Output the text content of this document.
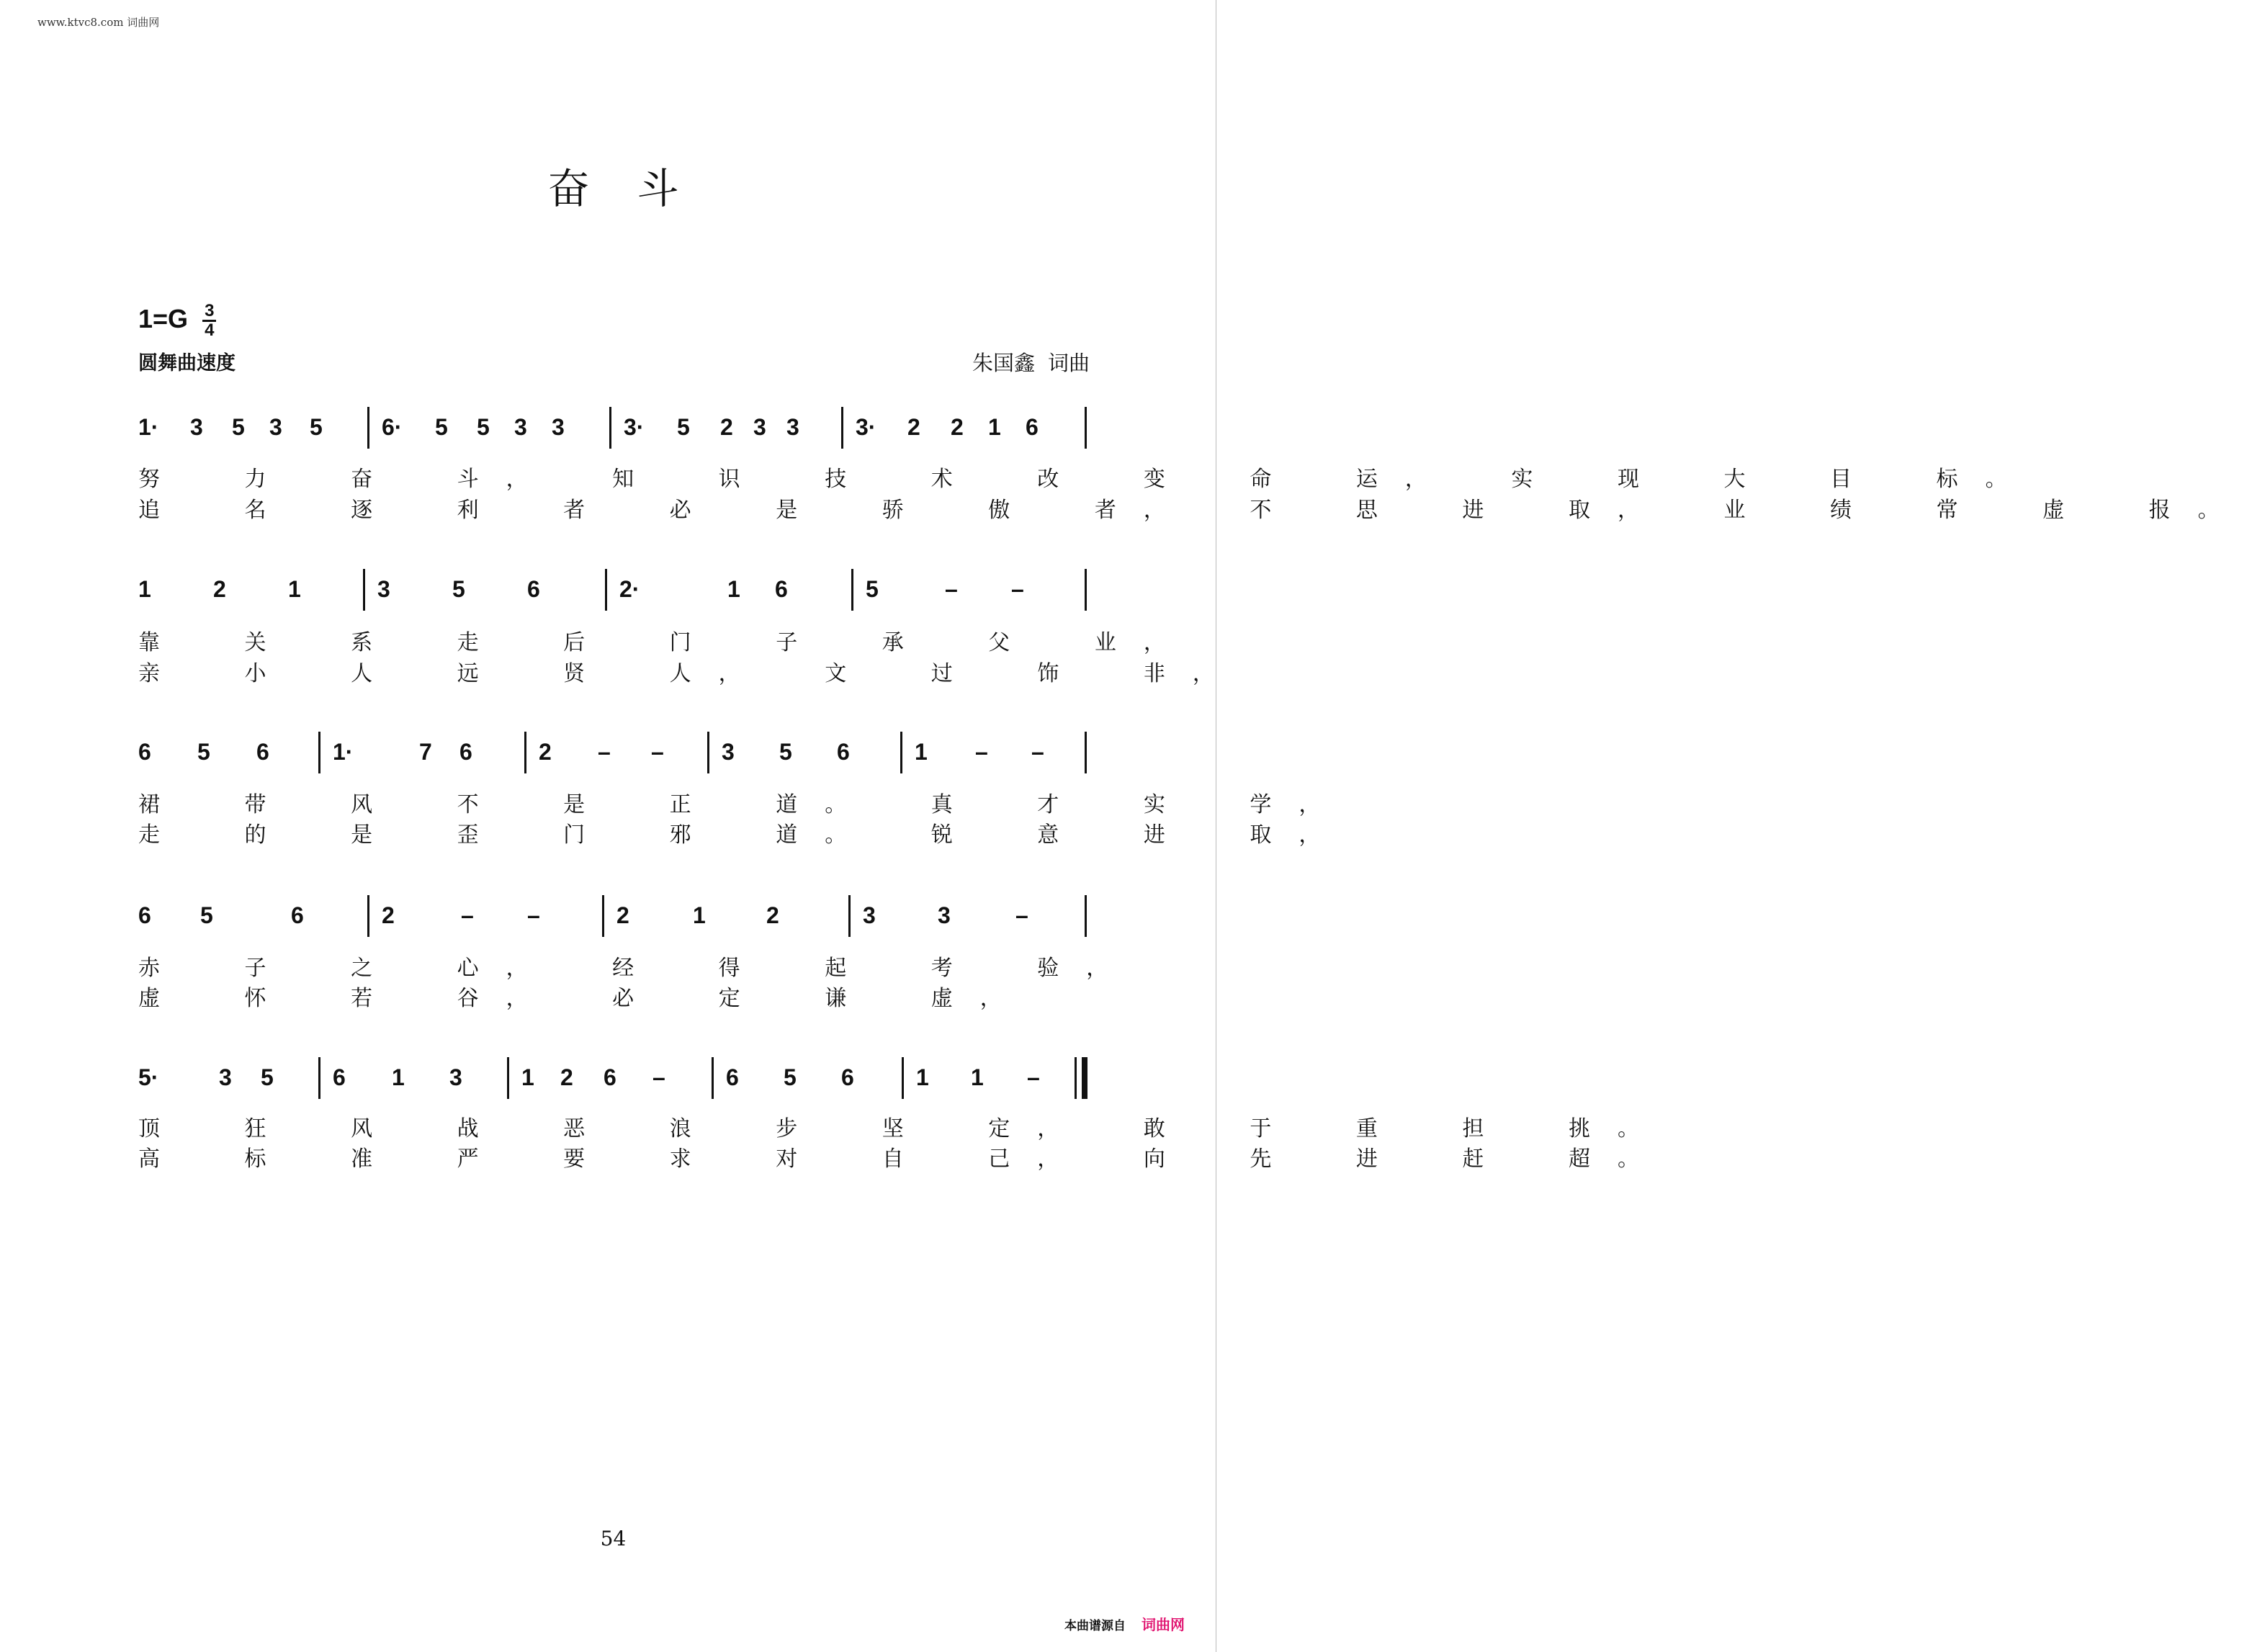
www.ktvc8.com 词曲网
奋斗
$1=G \frac{3}{4}$
圆舞曲速度	朱国鑫 词曲
1· 3 5 3 5	6· 5 5 3 3	3· 5 2 3 3 3· 2 2 1 6
努 力 奋 斗， 知 识 技 术 改 变 命 运， 实 现 大 目 标。
追 名 逐 利 者 必 是 骄 傲 者， 不 思 进 取， 业 绩 常 虚 报。
1	2	1	3	5	6	2·	1 6	5	– –
靠 关 系 走 后 门 子 承 父 业，
亲 小 人 远 贤 人， 文 过 饰 非，
6 5 6	1·	7 6	2 – –	3 5 6	1 – –
裙 带 风 不 是 正 道。 真 才 实 学，
走 的 是 歪 门 邪 道。 锐 意 进 取，
6 5	6	2	– –	2	1	2	3	3	–
赤 子 之 心， 经 得 起 考 验，
虚 怀 若 谷， 必 定 谦 虚，
5·	3 5	6 1 3	1 2 6 –	6 5 6	1 1 –
顶 狂 风 战 恶 浪 步 坚 定， 敢 于 重 担 挑。
高 标 准 严 要 求 对 自 己， 向 先 进 赶 超。
54
本曲谱源自 词曲网
